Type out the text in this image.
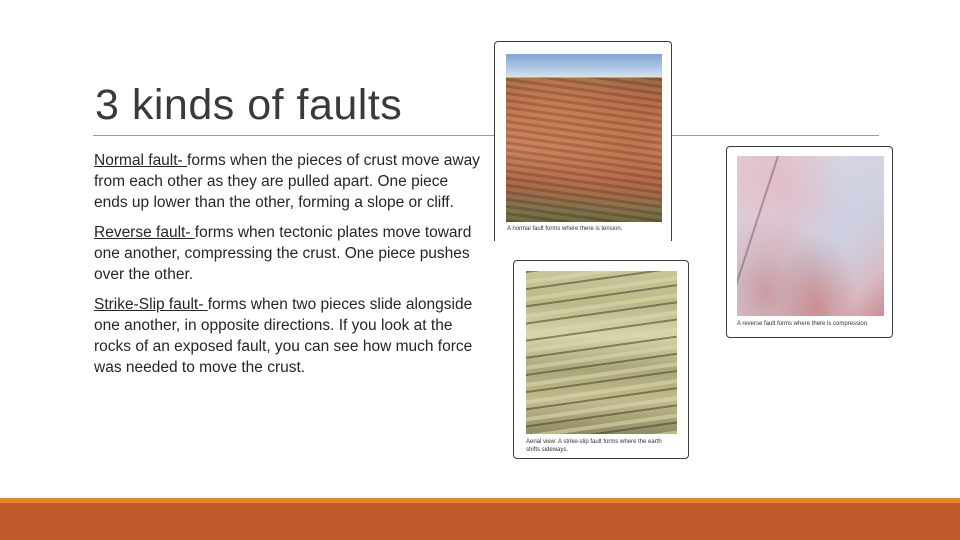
3 kinds of faults

Normal fault- forms when the pieces of crust move away from each other as they are pulled apart. One piece ends up lower than the other, forming a slope or cliff.

Reverse fault- forms when tectonic plates move toward one another, compressing the crust. One piece pushes over the other.

Strike-Slip fault- forms when two pieces slide alongside one another, in opposite directions. If you look at the rocks of an exposed fault, you can see how much force was needed to move the crust.

A normal fault forms where there is tension.
A reverse fault forms where there is compression.
Aerial view: A strike-slip fault forms where the earth shifts sideways.
